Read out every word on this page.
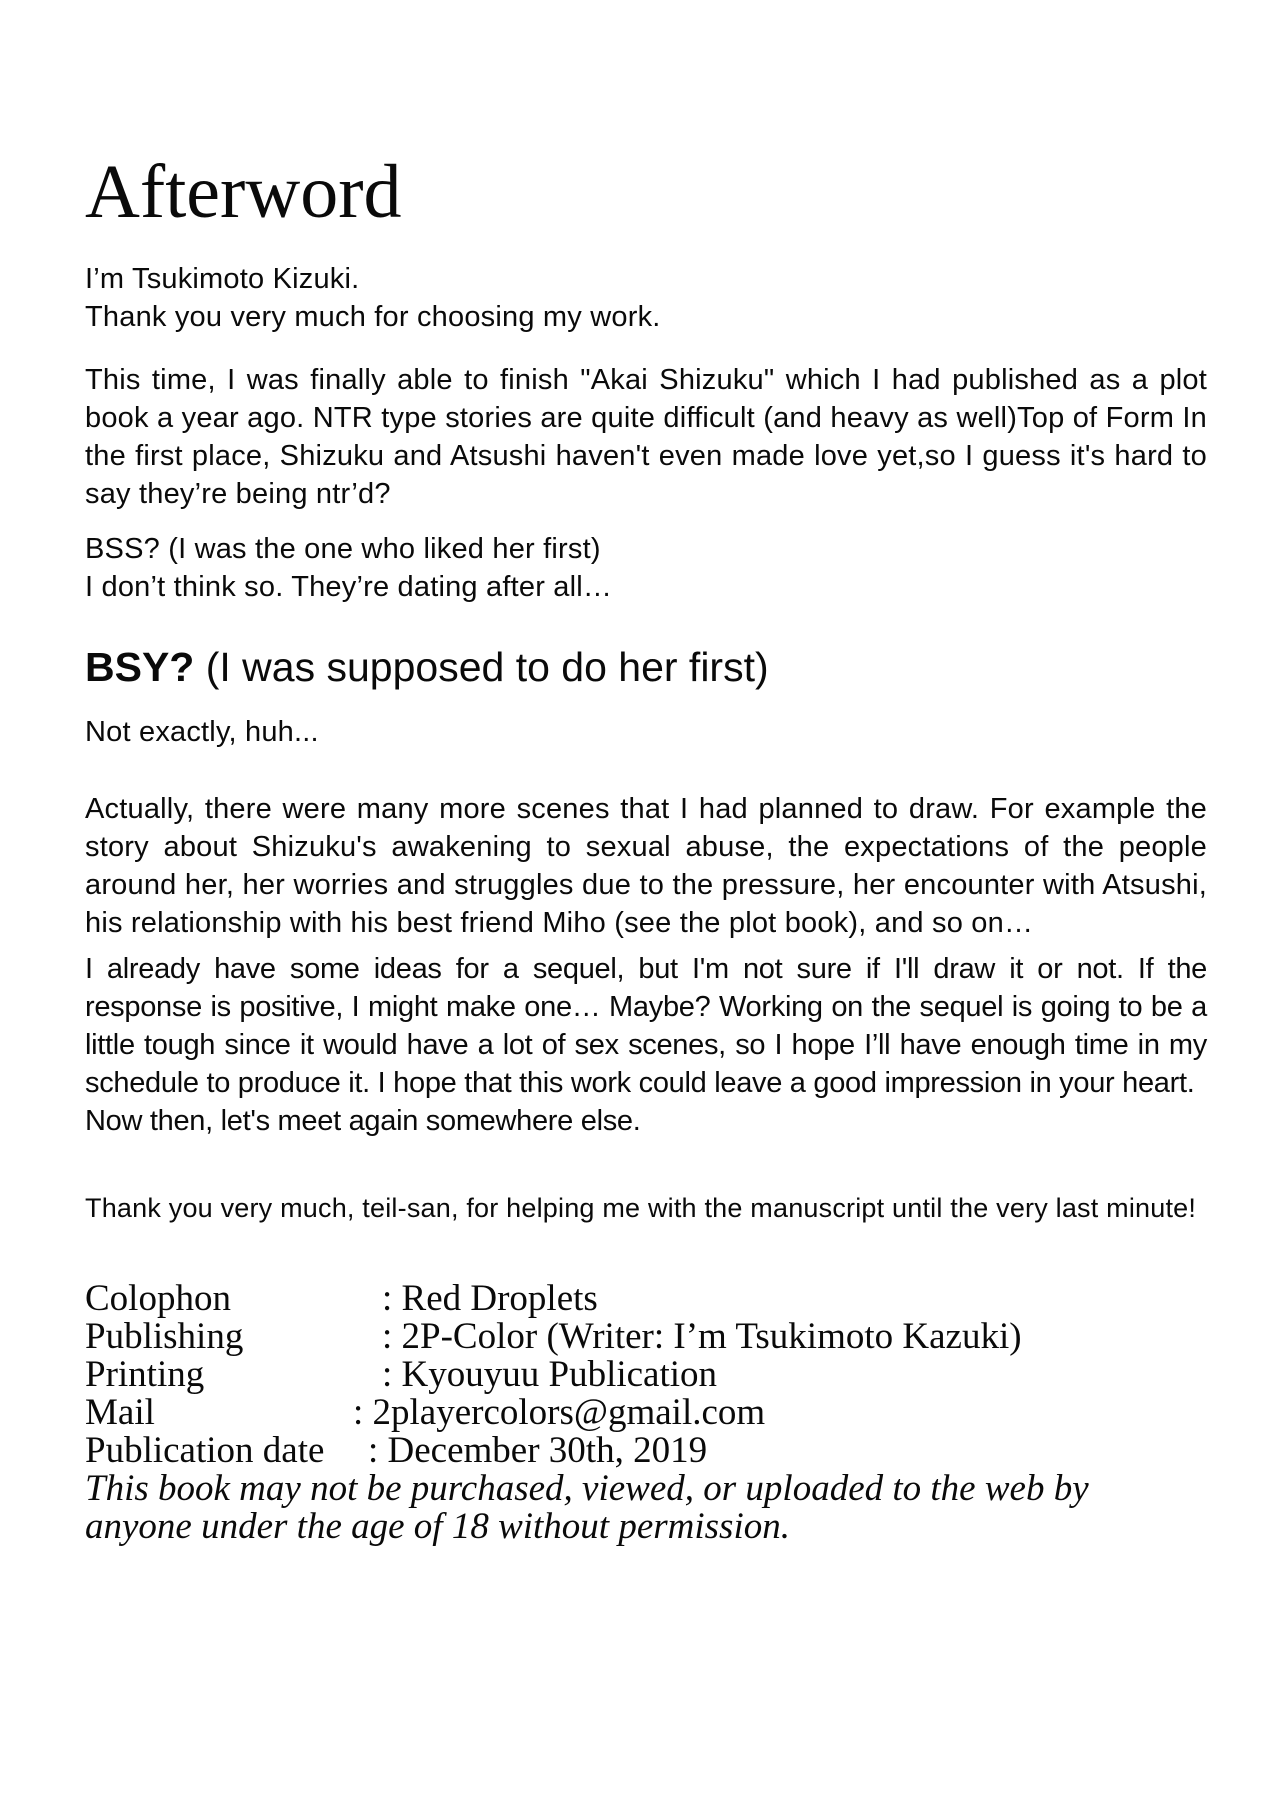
Afterword

I’m Tsukimoto Kizuki.
Thank you very much for choosing my work.

This time, I was finally able to finish "Akai Shizuku" which I had published as a plot book a year ago. NTR type stories are quite difficult (and heavy as well)Top of Form In the first place, Shizuku and Atsushi haven't even made love yet,so I guess it's hard to say they’re being ntr’d?

BSS? (I was the one who liked her first)
I don’t think so. They’re dating after all…

BSY? (I was supposed to do her first)

Not exactly, huh...

Actually, there were many more scenes that I had planned to draw. For example the story about Shizuku's awakening to sexual abuse, the expectations of the people around her, her worries and struggles due to the pressure, her encounter with Atsushi, his relationship with his best friend Miho (see the plot book), and so on…

I already have some ideas for a sequel, but I'm not sure if I'll draw it or not. If the response is positive, I might make one… Maybe? Working on the sequel is going to be a little tough since it would have a lot of sex scenes, so I hope I’ll have enough time in my schedule to produce it. I hope that this work could leave a good impression in your heart.
Now then, let's meet again somewhere else.

Thank you very much, teil-san, for helping me with the manuscript until the very last minute!

Colophon	: Red Droplets
Publishing	: 2P-Color (Writer: I’m Tsukimoto Kazuki)
Printing	: Kyouyuu Publication
Mail	: 2playercolors@gmail.com
Publication date : December 30th, 2019

This book may not be purchased, viewed, or uploaded to the web by
anyone under the age of 18 without permission.
